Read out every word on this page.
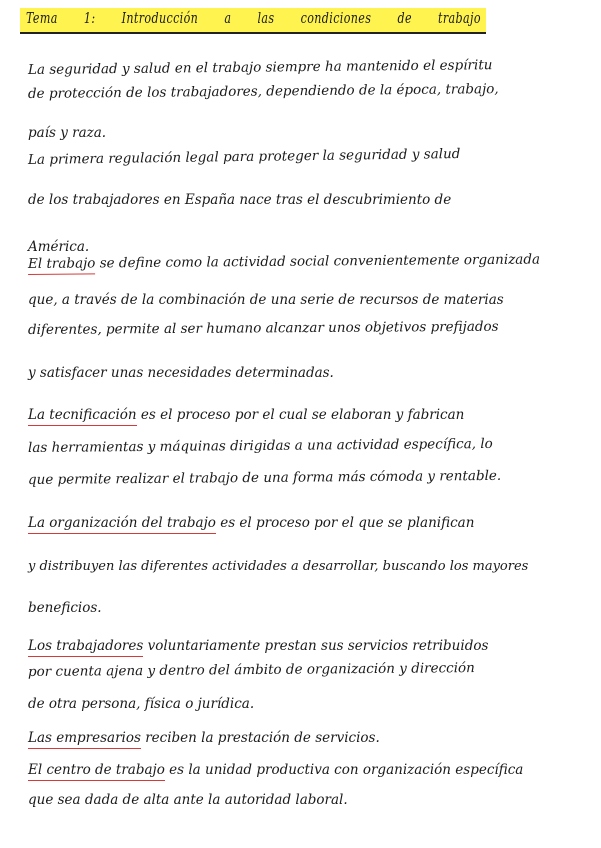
Tema 1: Introducción a las condiciones de trabajo
La seguridad y salud en el trabajo siempre ha mantenido el espíritu
de protección de los trabajadores, dependiendo de la época, trabajo,
país y raza.
La primera regulación legal para proteger la seguridad y salud
de los trabajadores en España nace tras el descubrimiento de
América.
El trabajo se define como la actividad social convenientemente organizada
que, a través de la combinación de una serie de recursos de materias
diferentes, permite al ser humano alcanzar unos objetivos prefijados
y satisfacer unas necesidades determinadas.
La tecnificación es el proceso por el cual se elaboran y fabrican
las herramientas y máquinas dirigidas a una actividad específica, lo
que permite realizar el trabajo de una forma más cómoda y rentable.
La organización del trabajo es el proceso por el que se planifican
y distribuyen las diferentes actividades a desarrollar, buscando los mayores
beneficios.
Los trabajadores voluntariamente prestan sus servicios retribuidos
por cuenta ajena y dentro del ámbito de organización y dirección
de otra persona, física o jurídica.
Las empresarios reciben la prestación de servicios.
El centro de trabajo es la unidad productiva con organización específica
que sea dada de alta ante la autoridad laboral.
